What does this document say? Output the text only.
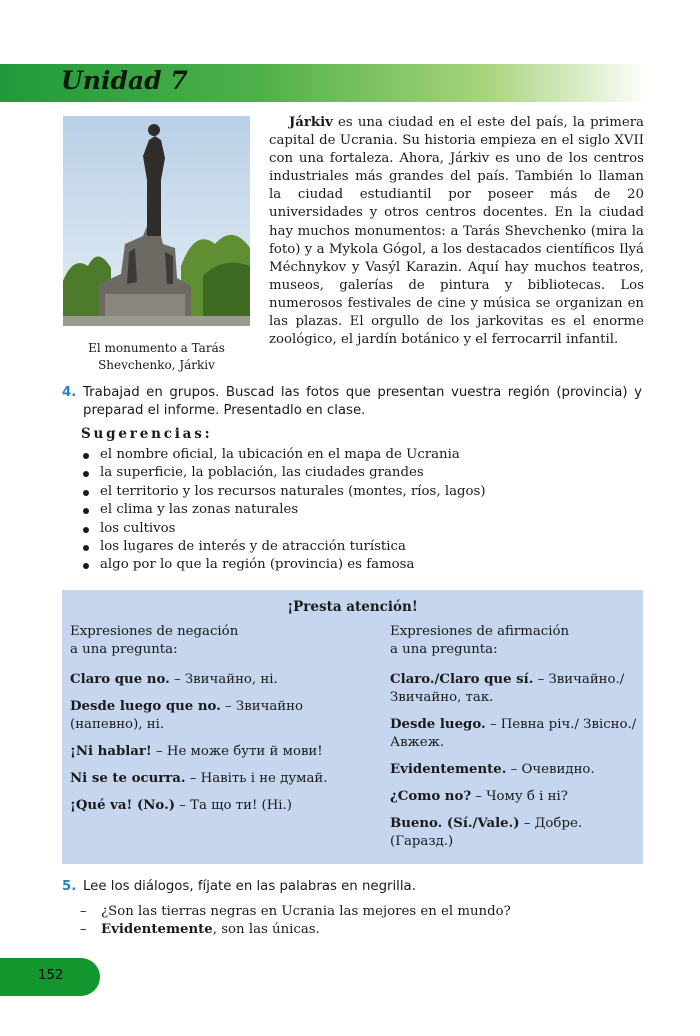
Unidad 7
El monumento a Tarás
Shevchenko, Járkiv

Járkiv es una ciudad en el este del país, la primera capital de Ucrania. Su historia empieza en el siglo XVII con una fortaleza. Ahora, Járkiv es uno de los centros industriales más grandes del país. También lo llaman la ciudad estudiantil por poseer más de 20 universidades y otros centros docentes. En la ciudad hay muchos monumentos: a Tarás Shevchenko (mira la foto) y a Mykola Gógol, a los destacados científicos Ilyá Méchnykov y Vasýl Karazin. Aquí hay muchos teatros, museos, galerías de pintura y bibliotecas. Los numerosos festivales de cine y música se organizan en las plazas. El orgullo de los jarkovitas es el enorme zoológico, el jardín botánico y el ferrocarril infantil.

4. Trabajad en grupos. Buscad las fotos que presentan vuestra región (provincia) y preparad el informe. Presentadlo en clase.
Sugerencias:
el nombre oficial, la ubicación en el mapa de Ucrania
la superficie, la población, las ciudades grandes
el territorio y los recursos naturales (montes, ríos, lagos)
el clima y las zonas naturales
los cultivos
los lugares de interés y de atracción turística
algo por lo que la región (provincia) es famosa
¡Presta atención!
Expresiones de negación
a una pregunta:
Claro que no. – Звичайно, ні.
Desde luego que no. – Звичайно (напевно), ні.
¡Ni hablar! – Не може бути й мови!
Ni se te ocurra. – Навіть і не думай.
¡Qué va! (No.) – Та що ти! (Ні.)
Expresiones de afirmación
a una pregunta:
Claro./Claro que sí. – Звичайно./ Звичайно, так.
Desde luego. – Певна річ./ Звісно./Авжеж.
Evidentemente. – Очевидно.
¿Como no? – Чому б і ні?
Bueno. (Sí./Vale.) – Добре. (Гаразд.)
5. Lee los diálogos, fíjate en las palabras en negrilla.
– ¿Son las tierras negras en Ucrania las mejores en el mundo?
– Evidentemente, son las únicas.
152
